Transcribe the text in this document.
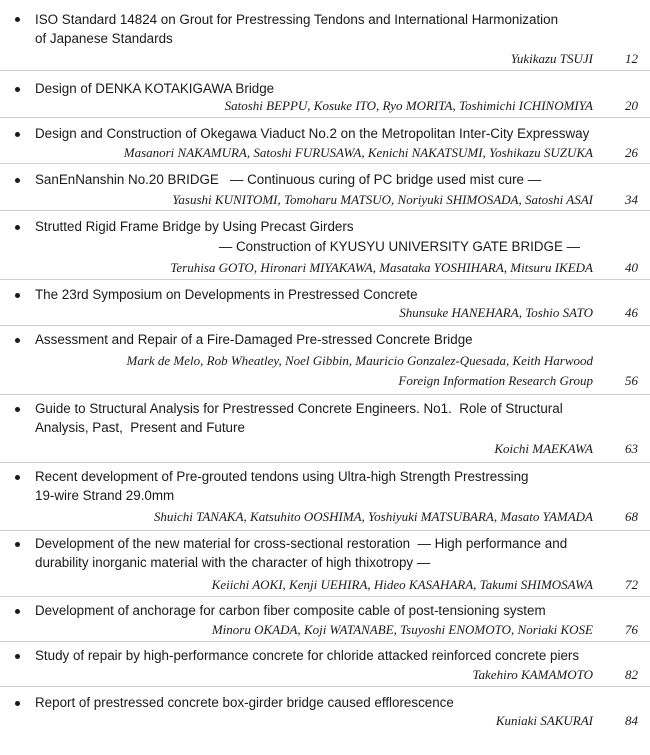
ISO Standard 14824 on Grout for Prestressing Tendons and International Harmonization
of Japanese Standards
Yukikazu TSUJI 12
Design of DENKA KOTAKIGAWA Bridge
Satoshi BEPPU, Kosuke ITO, Ryo MORITA, Toshimichi ICHINOMIYA 20
Design and Construction of Okegawa Viaduct No.2 on the Metropolitan Inter-City Expressway
Masanori NAKAMURA, Satoshi FURUSAWA, Kenichi NAKATSUMI, Yoshikazu SUZUKA 26
SanEnNanshin No.20 BRIDGE   — Continuous curing of PC bridge used mist cure —
Yasushi KUNITOMI, Tomoharu MATSUO, Noriyuki SHIMOSADA, Satoshi ASAI 34
Strutted Rigid Frame Bridge by Using Precast Girders
— Construction of KYUSYU UNIVERSITY GATE BRIDGE —
Teruhisa GOTO, Hironari MIYAKAWA, Masataka YOSHIHARA, Mitsuru IKEDA 40
The 23rd Symposium on Developments in Prestressed Concrete
Shunsuke HANEHARA, Toshio SATO 46
Assessment and Repair of a Fire-Damaged Pre-stressed Concrete Bridge
Mark de Melo, Rob Wheatley, Noel Gibbin, Mauricio Gonzalez-Quesada, Keith Harwood
Foreign Information Research Group 56
Guide to Structural Analysis for Prestressed Concrete Engineers. No1.  Role of Structural
Analysis, Past,  Present and Future
Koichi MAEKAWA 63
Recent development of Pre-grouted tendons using Ultra-high Strength Prestressing
19-wire Strand 29.0mm
Shuichi TANAKA, Katsuhito OOSHIMA, Yoshiyuki MATSUBARA, Masato YAMADA 68
Development of the new material for cross-sectional restoration  — High performance and
durability inorganic material with the character of high thixotropy —
Keiichi AOKI, Kenji UEHIRA, Hideo KASAHARA, Takumi SHIMOSAWA 72
Development of anchorage for carbon fiber composite cable of post-tensioning system
Minoru OKADA, Koji WATANABE, Tsuyoshi ENOMOTO, Noriaki KOSE 76
Study of repair by high-performance concrete for chloride attacked reinforced concrete piers
Takehiro KAMAMOTO 82
Report of prestressed concrete box-girder bridge caused efflorescence
Kuniaki SAKURAI 84
